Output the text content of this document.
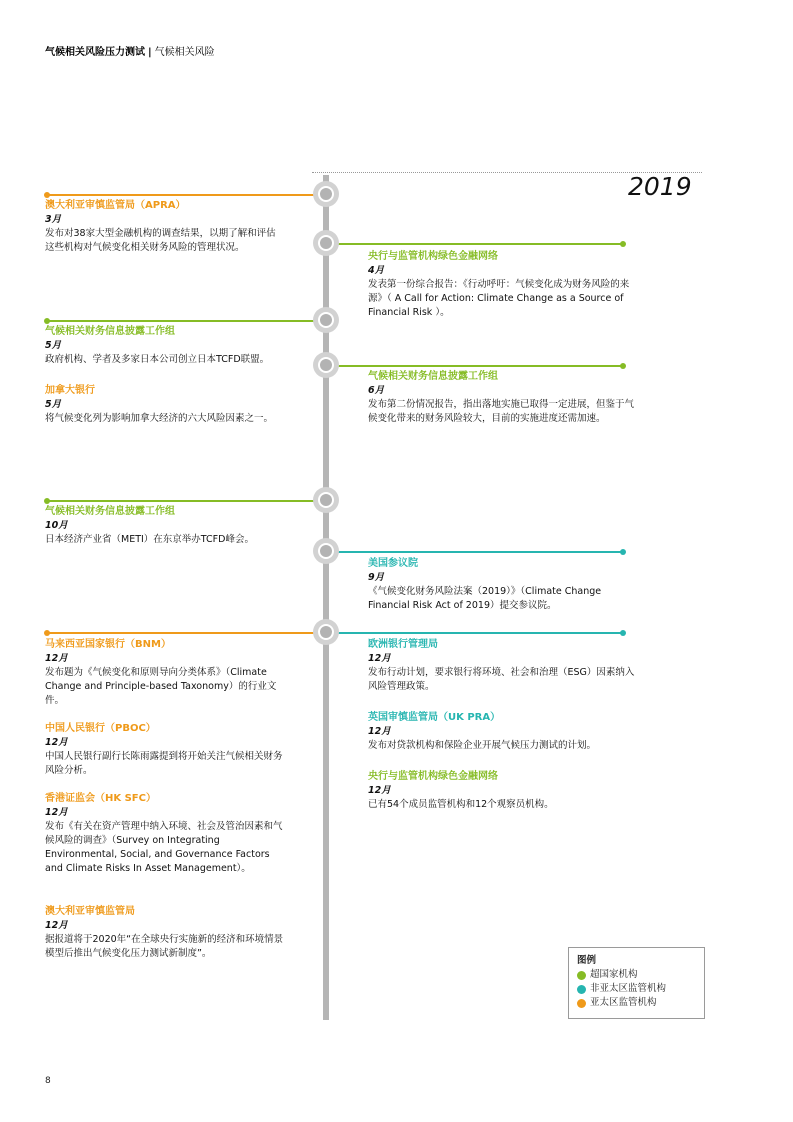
气候相关风险压力测试 | 气候相关风险
2019
澳大利亚审慎监管局（APRA）
3月
发布对38家大型金融机构的调查结果，以期了解和评估这些机构对气候变化相关财务风险的管理状况。
气候相关财务信息披露工作组
5月
政府机构、学者及多家日本公司创立日本TCFD联盟。
加拿大银行
5月
将气候变化列为影响加拿大经济的六大风险因素之一。
气候相关财务信息披露工作组
10月
日本经济产业省（METI）在东京举办TCFD峰会。
马来西亚国家银行（BNM）
12月
发布题为《气候变化和原则导向分类体系》（Climate Change and Principle-based Taxonomy）的行业文件。
中国人民银行（PBOC）
12月
中国人民银行副行长陈雨露提到将开始关注气候相关财务风险分析。
香港证监会（HK SFC）
12月
发布《有关在资产管理中纳入环境、社会及管治因素和气候风险的调查》（Survey on Integrating Environmental, Social, and Governance Factors and Climate Risks In Asset Management）。
澳大利亚审慎监管局
12月
据报道将于2020年“在全球央行实施新的经济和环境情景模型后推出气候变化压力测试新制度”。
央行与监管机构绿色金融网络
4月
发表第一份综合报告：《行动呼吁：气候变化成为财务风险的来源》（ A Call for Action: Climate Change as a Source of Financial Risk ）。
气候相关财务信息披露工作组
6月
发布第二份情况报告，指出落地实施已取得一定进展，但鉴于气候变化带来的财务风险较大，目前的实施进度还需加速。
美国参议院
9月
《气候变化财务风险法案（2019）》（Climate Change Financial Risk Act of 2019）提交参议院。
欧洲银行管理局
12月
发布行动计划，要求银行将环境、社会和治理（ESG）因素纳入风险管理政策。
英国审慎监管局（UK PRA）
12月
发布对贷款机构和保险企业开展气候压力测试的计划。
央行与监管机构绿色金融网络
12月
已有54个成员监管机构和12个观察员机构。
图例
超国家机构
非亚太区监管机构
亚太区监管机构
8
